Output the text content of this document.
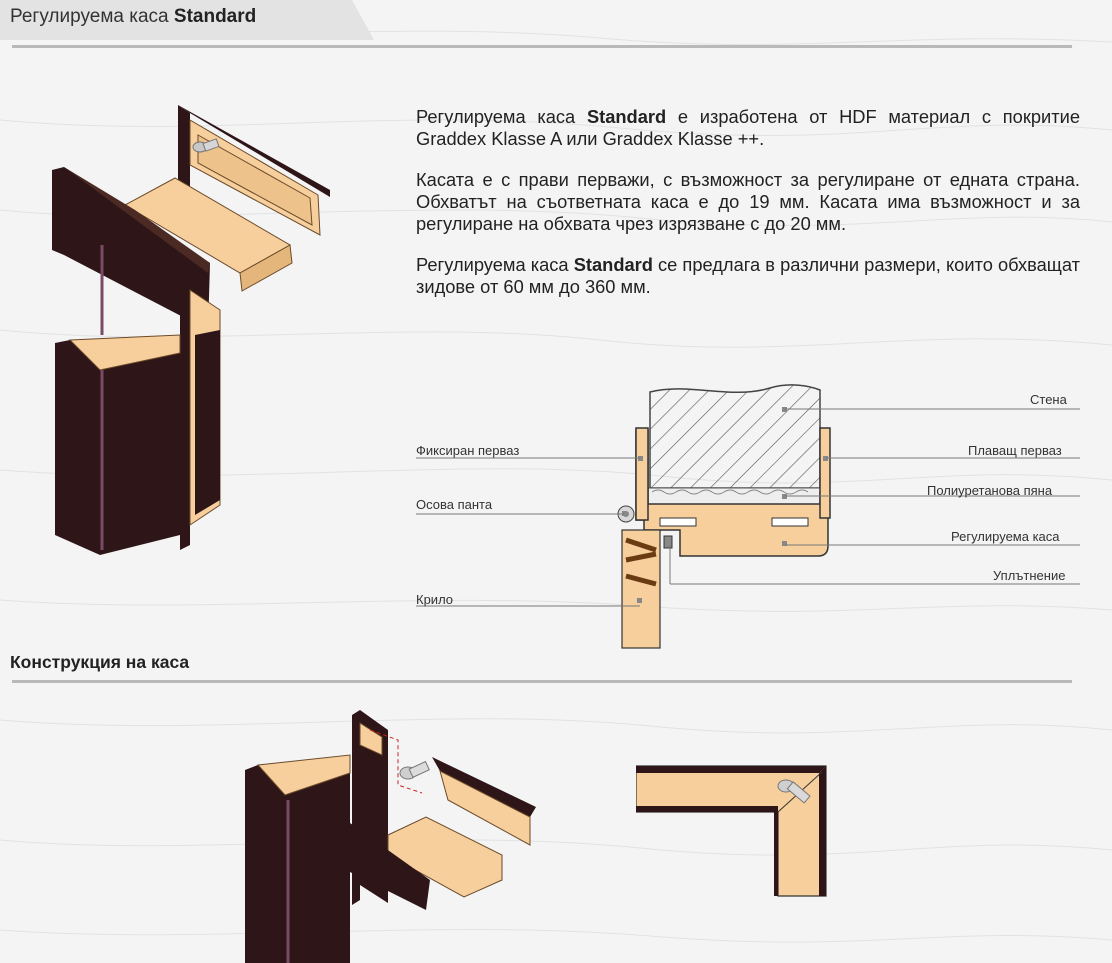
Регулируема каса Standard

Регулируема каса Standard е изработена от HDF материал с покритие Graddex Klasse A или Graddex Klasse ++.

Касата е с прави перважи, с възможност за регулиране от едната страна. Обхватът на съответната каса е до 19 мм. Касата има възможност и за регулиране на обхвата чрез изрязване с до 20 мм.

Регулируема каса Standard се предлага в различни размери, които обхващат зидове от 60 мм до 360 мм.

Стена
Фиксиран перваз	Плаващ перваз
Осова панта
Полиуретанова пяна
Регулируема каса
Уплътнение
Крило
Конструкция на каса
